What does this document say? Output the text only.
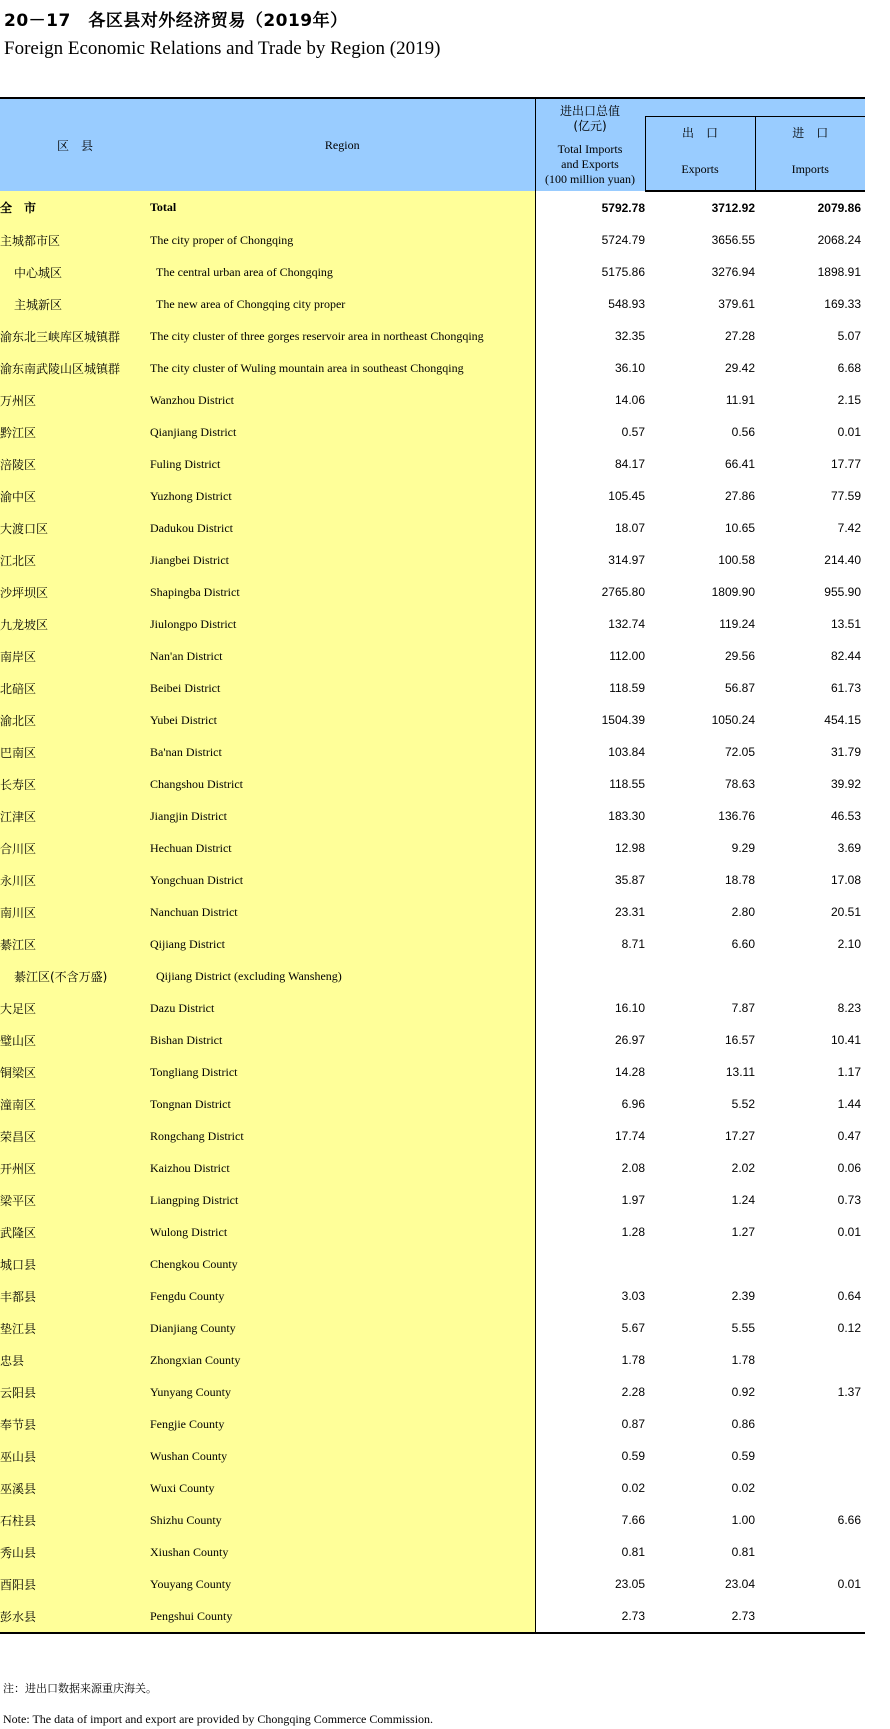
20－17　各区县对外经济贸易（2019年）
Foreign Economic Relations and Trade by Region (2019)
区　县	Region	进出口总值
(亿元)
Total Imports
and Exports
(100 million yuan)		

			出　口	进　口
			Exports	Imports
全　市	Total	5792.78	3712.92	2079.86
主城都市区	The city proper of Chongqing	5724.79	3656.55	2068.24
中心城区	The central urban area of Chongqing	5175.86	3276.94	1898.91
主城新区	The new area of Chongqing city proper	548.93	379.61	169.33
渝东北三峡库区城镇群	The city cluster of three gorges reservoir area in northeast Chongqing	32.35	27.28	5.07
渝东南武陵山区城镇群	The city cluster of Wuling mountain area in southeast Chongqing	36.10	29.42	6.68
万州区	Wanzhou District	14.06	11.91	2.15
黔江区	Qianjiang District	0.57	0.56	0.01
涪陵区	Fuling District	84.17	66.41	17.77
渝中区	Yuzhong District	105.45	27.86	77.59
大渡口区	Dadukou District	18.07	10.65	7.42
江北区	Jiangbei District	314.97	100.58	214.40
沙坪坝区	Shapingba District	2765.80	1809.90	955.90
九龙坡区	Jiulongpo District	132.74	119.24	13.51
南岸区	Nan'an District	112.00	29.56	82.44
北碚区	Beibei District	118.59	56.87	61.73
渝北区	Yubei District	1504.39	1050.24	454.15
巴南区	Ba'nan District	103.84	72.05	31.79
长寿区	Changshou District	118.55	78.63	39.92
江津区	Jiangjin District	183.30	136.76	46.53
合川区	Hechuan District	12.98	9.29	3.69
永川区	Yongchuan District	35.87	18.78	17.08
南川区	Nanchuan District	23.31	2.80	20.51
綦江区	Qijiang District	8.71	6.60	2.10
綦江区(不含万盛)	Qijiang District (excluding Wansheng)			
大足区	Dazu District	16.10	7.87	8.23
璧山区	Bishan District	26.97	16.57	10.41
铜梁区	Tongliang District	14.28	13.11	1.17
潼南区	Tongnan District	6.96	5.52	1.44
荣昌区	Rongchang District	17.74	17.27	0.47
开州区	Kaizhou District	2.08	2.02	0.06
梁平区	Liangping District	1.97	1.24	0.73
武隆区	Wulong District	1.28	1.27	0.01
城口县	Chengkou County			
丰都县	Fengdu County	3.03	2.39	0.64
垫江县	Dianjiang County	5.67	5.55	0.12
忠县	Zhongxian County	1.78	1.78	
云阳县	Yunyang County	2.28	0.92	1.37
奉节县	Fengjie County	0.87	0.86	
巫山县	Wushan County	0.59	0.59	
巫溪县	Wuxi County	0.02	0.02	
石柱县	Shizhu County	7.66	1.00	6.66
秀山县	Xiushan County	0.81	0.81	
酉阳县	Youyang County	23.05	23.04	0.01
彭水县	Pengshui County	2.73	2.73	
注：进出口数据来源重庆海关。
Note: The data of import and export are provided by Chongqing Commerce Commission.
